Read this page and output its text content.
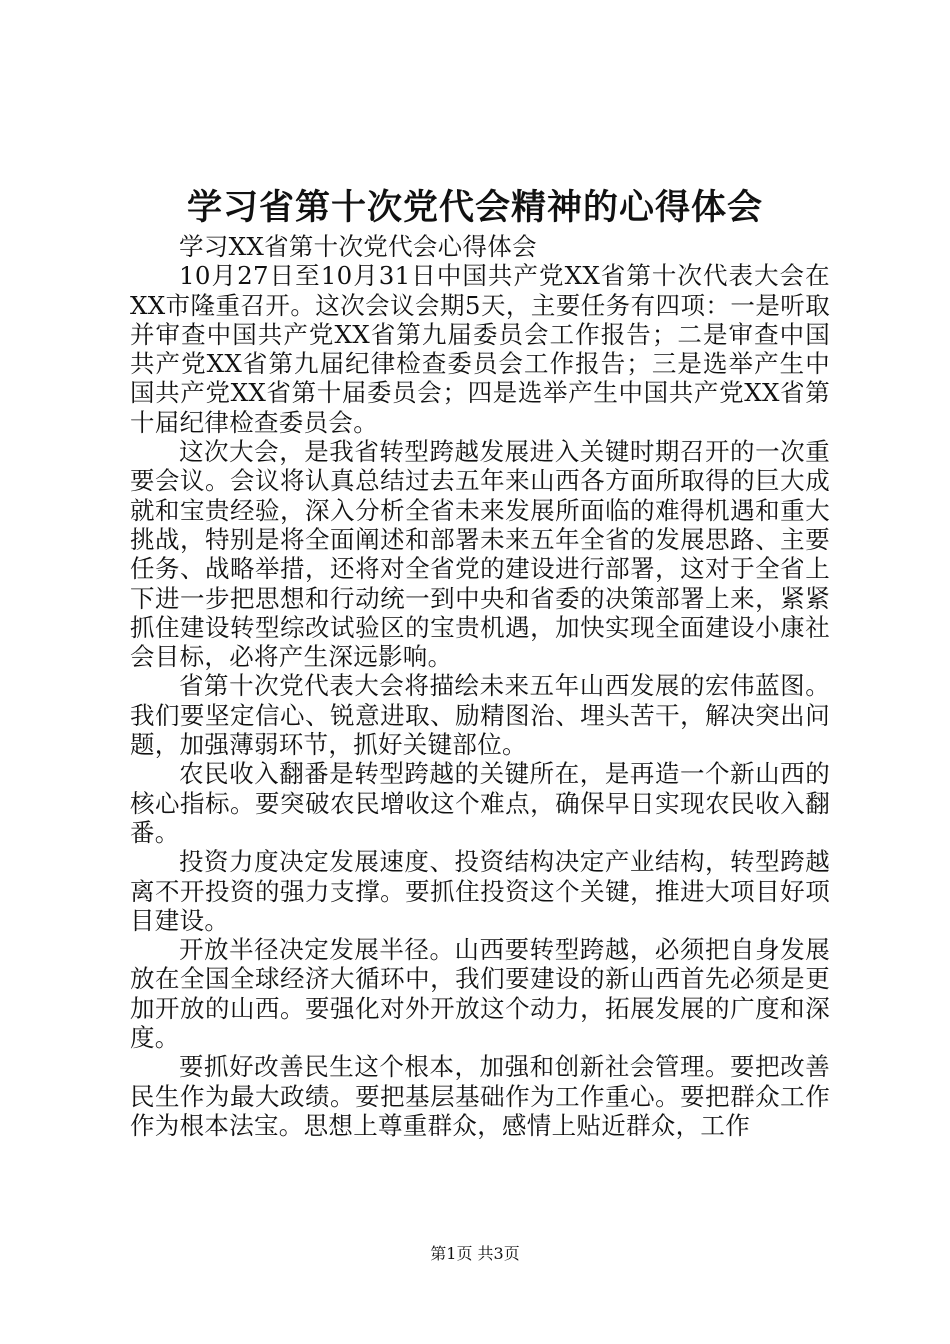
学习省第十次党代会精神的心得体会

学习XX省第十次党代会心得体会

10月27日至10月31日中国共产党XX省第十次代表大会在XX市隆重召开。这次会议会期5天，主要任务有四项：一是听取并审查中国共产党XX省第九届委员会工作报告；二是审查中国共产党XX省第九届纪律检查委员会工作报告；三是选举产生中国共产党XX省第十届委员会；四是选举产生中国共产党XX省第十届纪律检查委员会。

这次大会，是我省转型跨越发展进入关键时期召开的一次重要会议。会议将认真总结过去五年来山西各方面所取得的巨大成就和宝贵经验，深入分析全省未来发展所面临的难得机遇和重大挑战，特别是将全面阐述和部署未来五年全省的发展思路、主要任务、战略举措，还将对全省党的建设进行部署，这对于全省上下进一步把思想和行动统一到中央和省委的决策部署上来，紧紧抓住建设转型综改试验区的宝贵机遇，加快实现全面建设小康社会目标，必将产生深远影响。

省第十次党代表大会将描绘未来五年山西发展的宏伟蓝图。我们要坚定信心、锐意进取、励精图治、埋头苦干，解决突出问题，加强薄弱环节，抓好关键部位。

农民收入翻番是转型跨越的关键所在，是再造一个新山西的核心指标。要突破农民增收这个难点，确保早日实现农民收入翻番。

投资力度决定发展速度、投资结构决定产业结构，转型跨越离不开投资的强力支撑。要抓住投资这个关键，推进大项目好项目建设。

开放半径决定发展半径。山西要转型跨越，必须把自身发展放在全国全球经济大循环中，我们要建设的新山西首先必须是更加开放的山西。要强化对外开放这个动力，拓展发展的广度和深度。

要抓好改善民生这个根本，加强和创新社会管理。要把改善民生作为最大政绩。要把基层基础作为工作重心。要把群众工作作为根本法宝。思想上尊重群众，感情上贴近群众，工作

第1页 共3页
